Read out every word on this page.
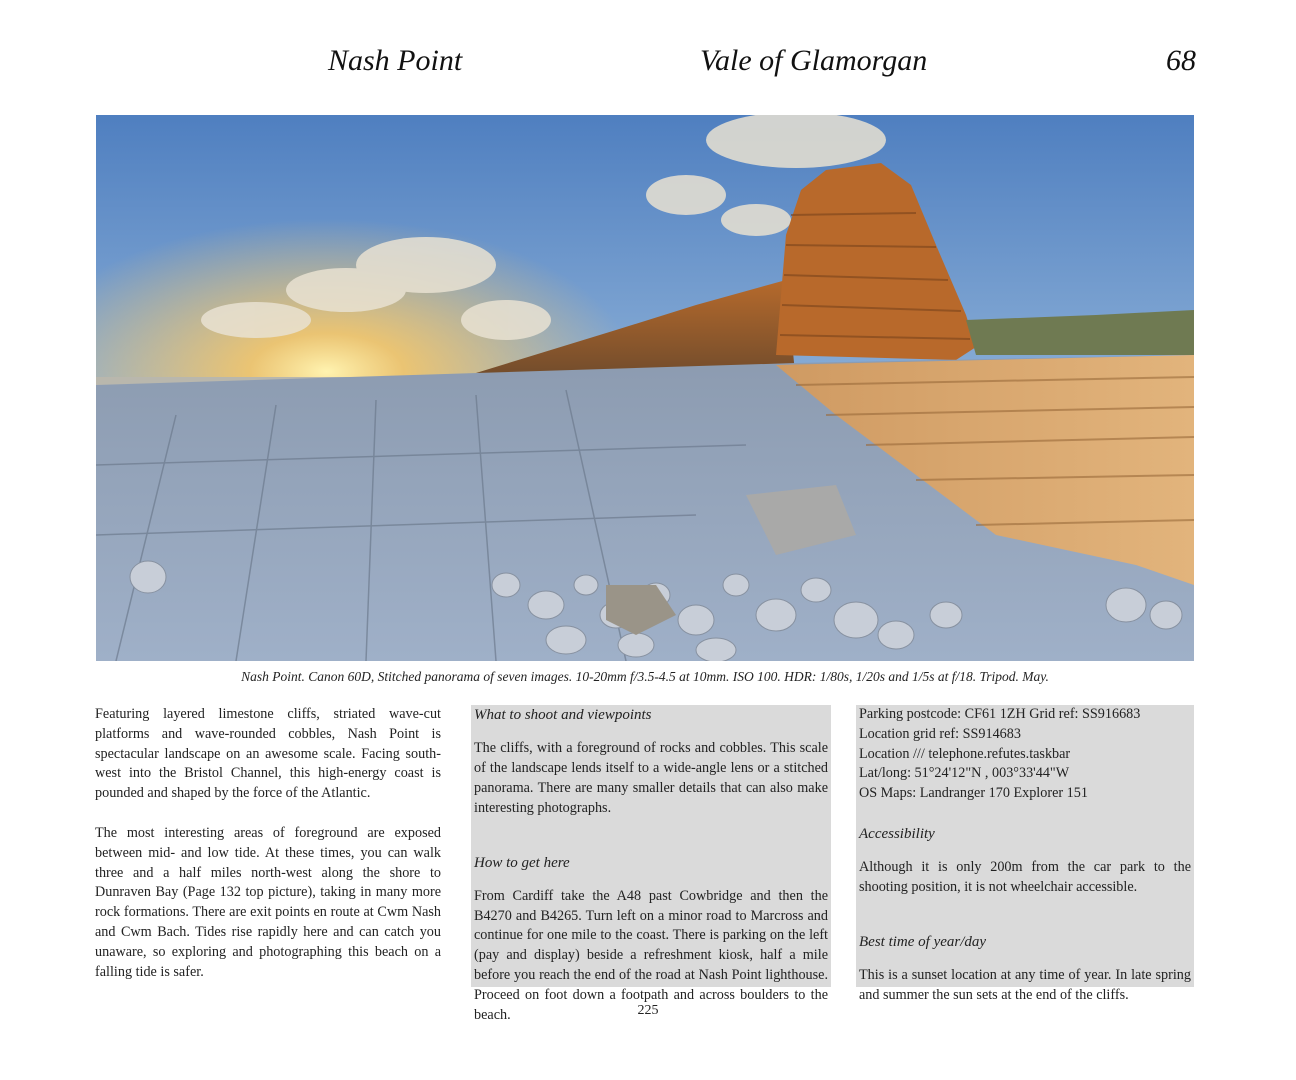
Nash Point	Vale of Glamorgan	68
Nash Point. Canon 60D, Stitched panorama of seven images. 10-20mm f/3.5-4.5 at 10mm. ISO 100. HDR: 1/80s, 1/20s and 1/5s at f/18. Tripod. May.

Featuring layered limestone cliffs, striated wave-cut platforms and wave-rounded cobbles, Nash Point is spectacular landscape on an awesome scale. Facing south-west into the Bristol Channel, this high-energy coast is pounded and shaped by the force of the Atlantic.

The most interesting areas of foreground are exposed between mid- and low tide. At these times, you can walk three and a half miles north-west along the shore to Dunraven Bay (Page 132 top picture), taking in many more rock formations. There are exit points en route at Cwm Nash and Cwm Bach. Tides rise rapidly here and can catch you unaware, so exploring and photographing this beach on a falling tide is safer.

What to shoot and viewpoints

The cliffs, with a foreground of rocks and cobbles. This scale of the landscape lends itself to a wide-angle lens or a stitched panorama. There are many smaller details that can also make interesting photographs.

How to get here

From Cardiff take the A48 past Cowbridge and then the B4270 and B4265. Turn left on a minor road to Marcross and continue for one mile to the coast. There is parking on the left (pay and display) beside a refreshment kiosk, half a mile before you reach the end of the road at Nash Point lighthouse. Proceed on foot down a footpath and across boulders to the beach.

Parking postcode: CF61 1ZH Grid ref: SS916683

Location grid ref: SS914683

Location /// telephone.refutes.taskbar

Lat/long: 51°24'12"N , 003°33'44"W

OS Maps: Landranger 170 Explorer 151

Accessibility

Although it is only 200m from the car park to the shooting position, it is not wheelchair accessible.

Best time of year/day

This is a sunset location at any time of year. In late spring and summer the sun sets at the end of the cliffs.

225
